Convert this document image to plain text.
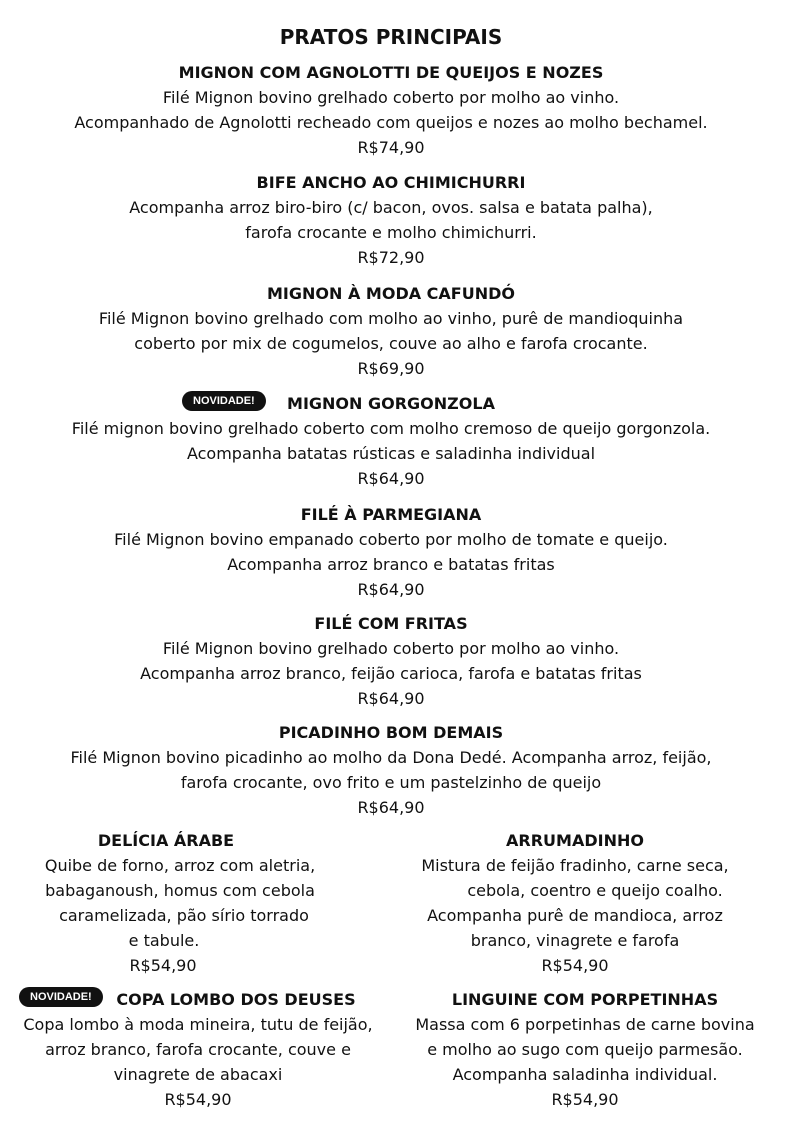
PRATOS PRINCIPAIS
MIGNON COM AGNOLOTTI DE QUEIJOS E NOZES
Filé Mignon bovino grelhado coberto por molho ao vinho.
Acompanhado de Agnolotti recheado com queijos e nozes ao molho bechamel.
R$74,90
BIFE ANCHO AO CHIMICHURRI
Acompanha arroz biro-biro (c/ bacon, ovos. salsa e batata palha),
farofa crocante e molho chimichurri.
R$72,90
MIGNON À MODA CAFUNDÓ
Filé Mignon bovino grelhado com molho ao vinho, purê de mandioquinha
coberto por mix de cogumelos, couve ao alho e farofa crocante.
R$69,90
NOVIDADE!	MIGNON GORGONZOLA
Filé mignon bovino grelhado coberto com molho cremoso de queijo gorgonzola.
Acompanha batatas rústicas e saladinha individual
R$64,90
FILÉ À PARMEGIANA
Filé Mignon bovino empanado coberto por molho de tomate e queijo.
Acompanha arroz branco e batatas fritas
R$64,90
FILÉ COM FRITAS
Filé Mignon bovino grelhado coberto por molho ao vinho.
Acompanha arroz branco, feijão carioca, farofa e batatas fritas
R$64,90
PICADINHO BOM DEMAIS
Filé Mignon bovino picadinho ao molho da Dona Dedé. Acompanha arroz, feijão,
farofa crocante, ovo frito e um pastelzinho de queijo
R$64,90
DELÍCIA ÁRABE
Quibe de forno, arroz com aletria,
babaganoush, homus com cebola
caramelizada, pão sírio torrado
e tabule.
R$54,90
ARRUMADINHO
Mistura de feijão fradinho, carne seca,
cebola, coentro e queijo coalho.
Acompanha purê de mandioca, arroz
branco, vinagrete e farofa
R$54,90
NOVIDADE!	COPA LOMBO DOS DEUSES
Copa lombo à moda mineira, tutu de feijão,
arroz branco, farofa crocante, couve e
vinagrete de abacaxi
R$54,90
LINGUINE COM PORPETINHAS
Massa com 6 porpetinhas de carne bovina
e molho ao sugo com queijo parmesão.
Acompanha saladinha individual.
R$54,90
